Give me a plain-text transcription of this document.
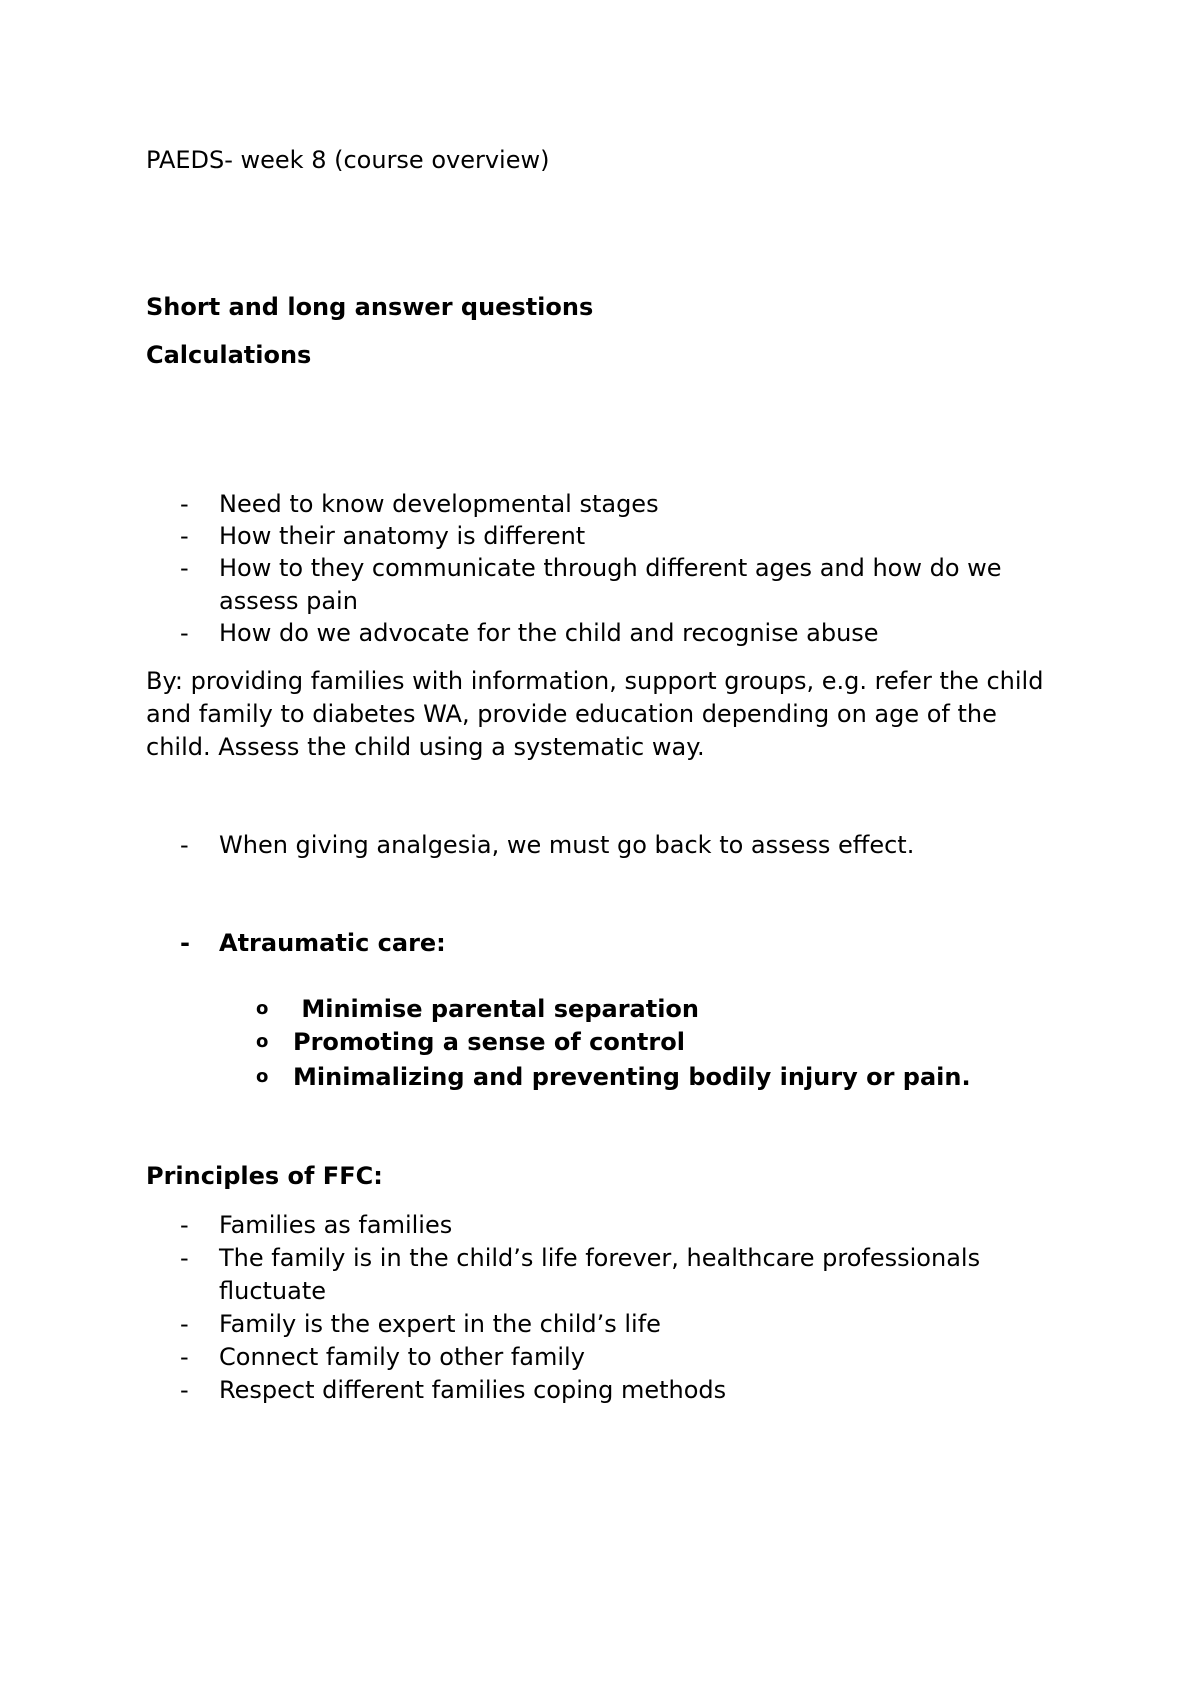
PAEDS- week 8 (course overview)
Short and long answer questions
Calculations
- Need to know developmental stages
- How their anatomy is different
- How to they communicate through different ages and how do we
assess pain
- How do we advocate for the child and recognise abuse
By: providing families with information, support groups, e.g. refer the child
and family to diabetes WA, provide education depending on age of the
child. Assess the child using a systematic way.
- When giving analgesia, we must go back to assess effect.
- Atraumatic care:
o Minimise parental separation
o Promoting a sense of control
o Minimalizing and preventing bodily injury or pain.
Principles of FFC:
- Families as families
- The family is in the child’s life forever, healthcare professionals
fluctuate
- Family is the expert in the child’s life
- Connect family to other family
- Respect different families coping methods
